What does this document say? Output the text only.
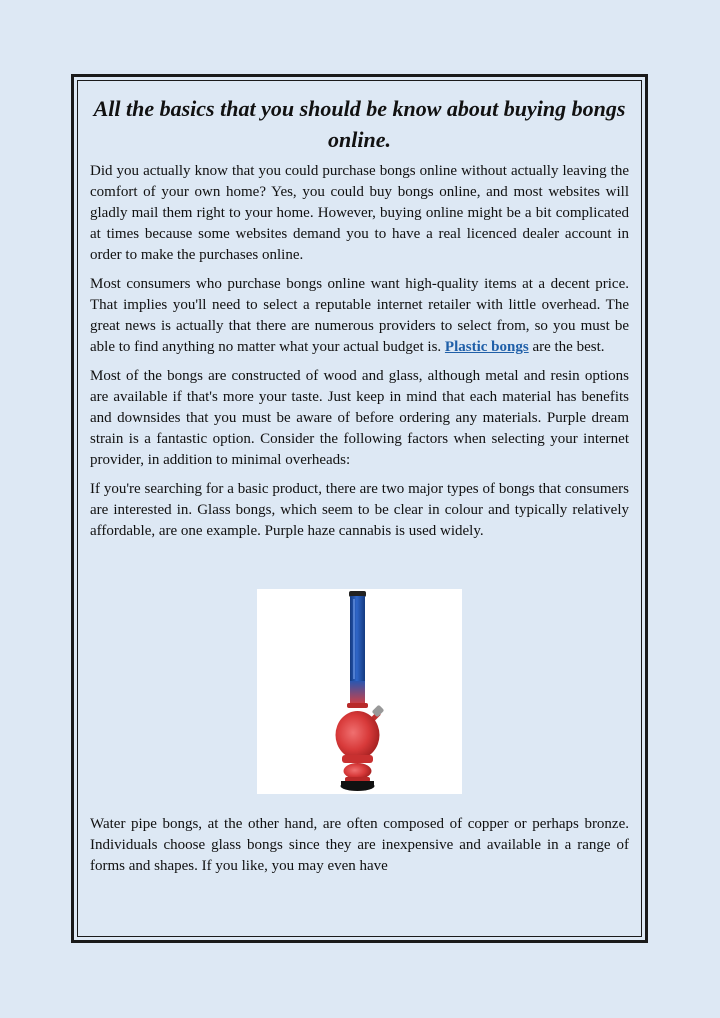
All the basics that you should be know about buying bongs online.

Did you actually know that you could purchase bongs online without actually leaving the comfort of your own home? Yes, you could buy bongs online, and most websites will gladly mail them right to your home. However, buying online might be a bit complicated at times because some websites demand you to have a real licenced dealer account in order to make the purchases online.

Most consumers who purchase bongs online want high-quality items at a decent price. That implies you'll need to select a reputable internet retailer with little overhead. The great news is actually that there are numerous providers to select from, so you must be able to find anything no matter what your actual budget is. Plastic bongs are the best.

Most of the bongs are constructed of wood and glass, although metal and resin options are available if that's more your taste. Just keep in mind that each material has benefits and downsides that you must be aware of before ordering any materials. Purple dream strain is a fantastic option. Consider the following factors when selecting your internet provider, in addition to minimal overheads:

If you're searching for a basic product, there are two major types of bongs that consumers are interested in. Glass bongs, which seem to be clear in colour and typically relatively affordable, are one example. Purple haze cannabis is used widely.

Water pipe bongs, at the other hand, are often composed of copper or perhaps bronze. Individuals choose glass bongs since they are inexpensive and available in a range of forms and shapes. If you like, you may even have
